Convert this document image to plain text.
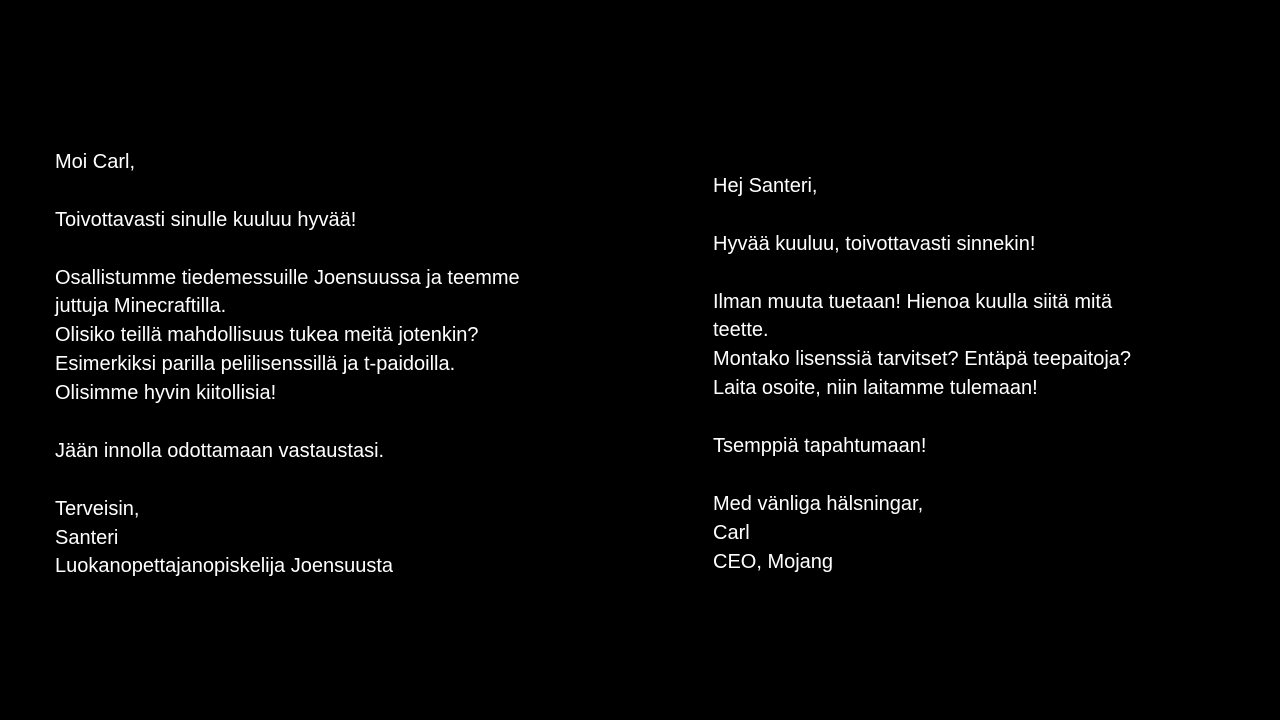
Moi Carl,
Toivottavasti sinulle kuuluu hyvää!
Osallistumme tiedemessuille Joensuussa ja teemme
juttuja Minecraftilla.
Olisiko teillä mahdollisuus tukea meitä jotenkin?
Esimerkiksi parilla pelilisenssillä ja t-paidoilla.
Olisimme hyvin kiitollisia!
Jään innolla odottamaan vastaustasi.
Terveisin,
Santeri
Luokanopettajanopiskelija Joensuusta
Hej Santeri,
Hyvää kuuluu, toivottavasti sinnekin!
Ilman muuta tuetaan! Hienoa kuulla siitä mitä
teette.
Montako lisenssiä tarvitset? Entäpä teepaitoja?
Laita osoite, niin laitamme tulemaan!
Tsemppiä tapahtumaan!
Med vänliga hälsningar,
Carl
CEO, Mojang
